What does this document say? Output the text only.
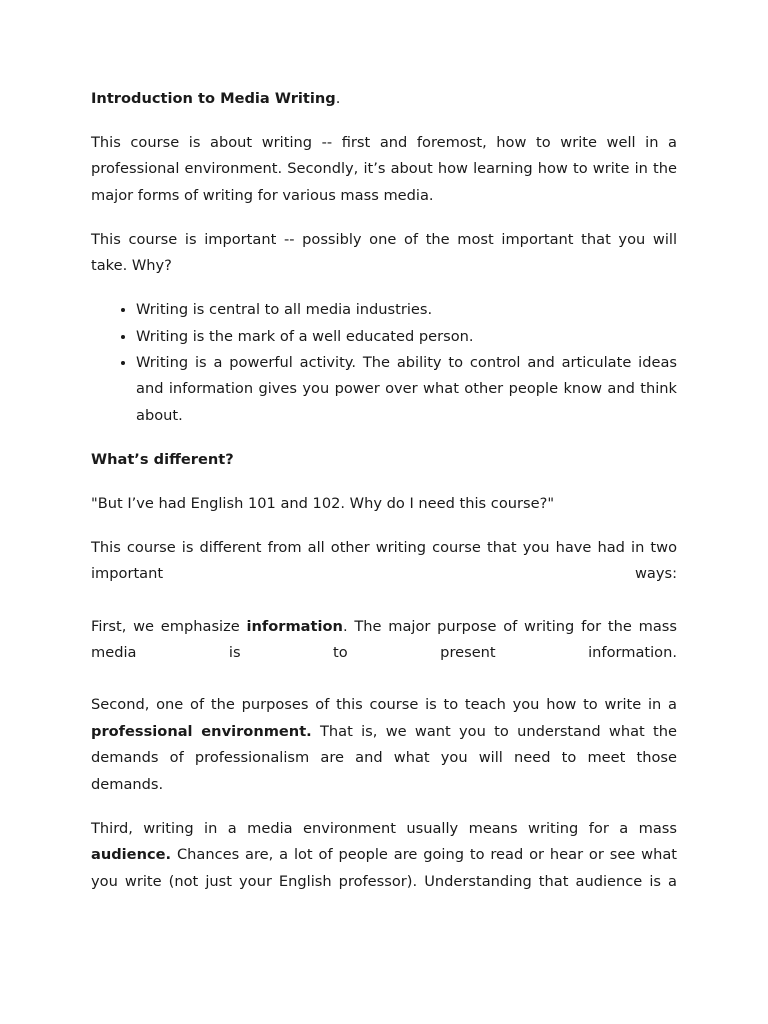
Introduction to Media Writing.

This course is about writing -- first and foremost, how to write well in a professional environment. Secondly, it’s about how learning how to write in the major forms of writing for various mass media.

This course is important -- possibly one of the most important that you will take. Why?

• Writing is central to all media industries.
• Writing is the mark of a well educated person.
• Writing is a powerful activity. The ability to control and articulate ideas and information gives you power over what other people know and think about.

What’s different?

"But I’ve had English 101 and 102. Why do I need this course?"

This course is different from all other writing course that you have had in two important ways:

First, we emphasize information. The major purpose of writing for the mass media is to present information.

Second, one of the purposes of this course is to teach you how to write in a professional environment. That is, we want you to understand what the demands of professionalism are and what you will need to meet those demands.

Third, writing in a media environment usually means writing for a mass audience. Chances are, a lot of people are going to read or hear or see what you write (not just your English professor). Understanding that audience is a
